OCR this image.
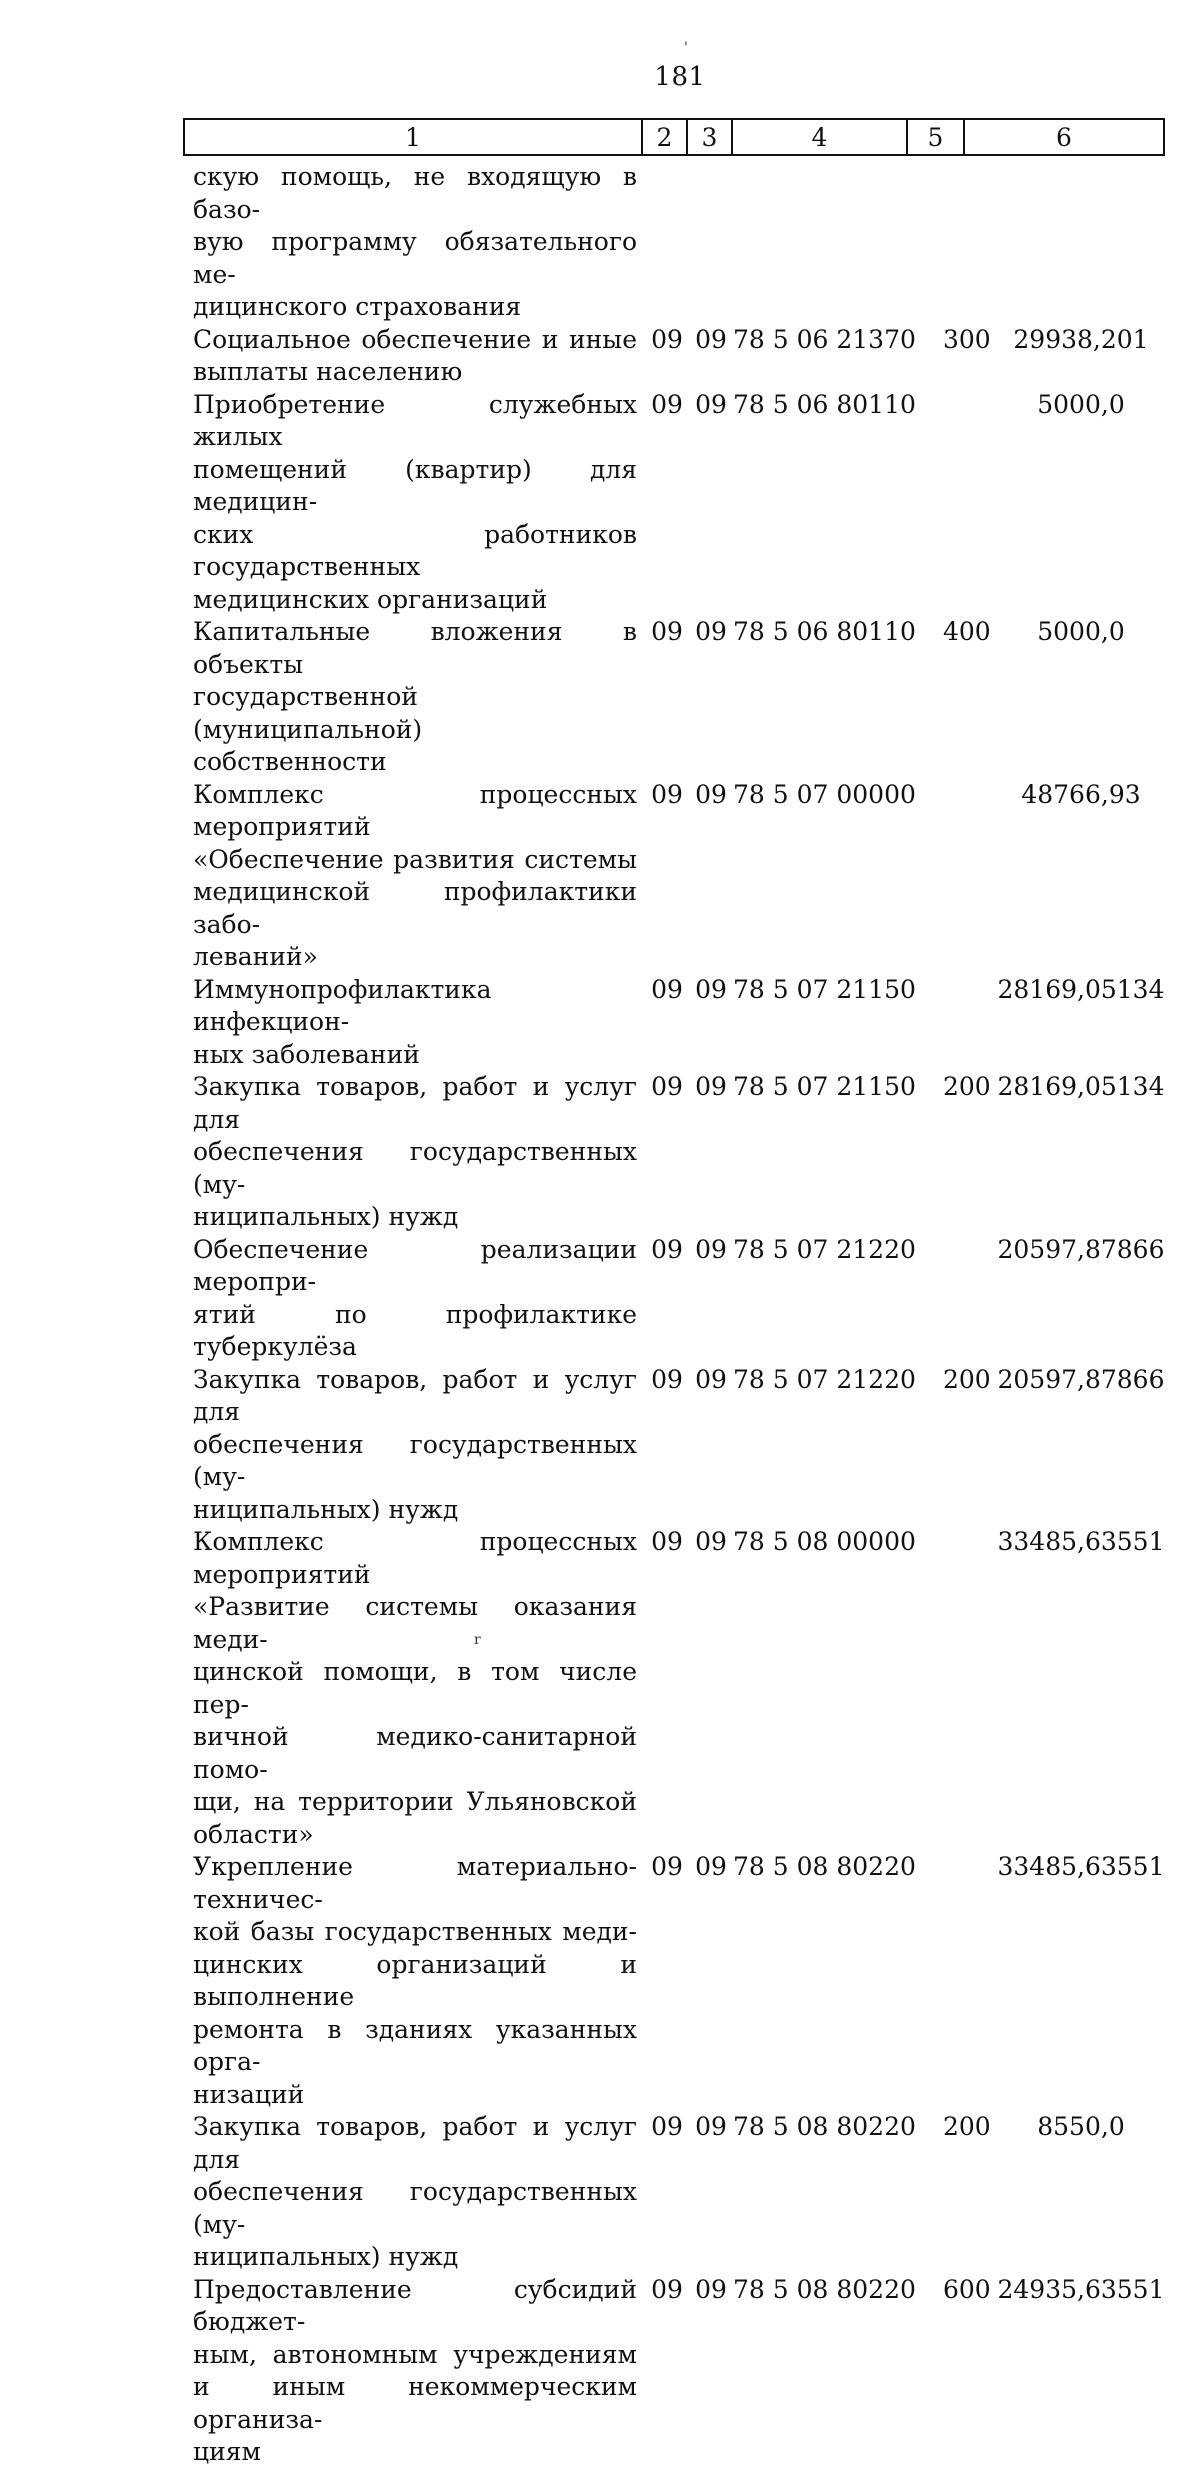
181
1	2	3	4	5	6
скую помощь, не входящую в базо-
вую программу обязательного ме-
дицинского страхования
Социальное обеспечение и иные
выплаты населению
09 09 78 5 06 21370	300 29938,201
Приобретение служебных жилых
помещений (квартир) для медицин-
ских работников государственных
медицинских организаций
09 09 78 5 06 80110	5000,0
Капитальные вложения в объекты
государственной (муниципальной)
собственности
09 09 78 5 06 80110	400	5000,0
Комплекс процессных мероприятий
«Обеспечение развития системы
медицинской профилактики забо-
леваний»
09 09 78 5 07 00000	48766,93
Иммунопрофилактика инфекцион-
ных заболеваний
09 09 78 5 07 21150	28169,05134
Закупка товаров, работ и услуг для
обеспечения государственных (му-
ниципальных) нужд
09 09 78 5 07 21150	200 28169,05134
Обеспечение реализации меропри-
ятий по профилактике туберкулёза
09 09 78 5 07 21220	20597,87866
Закупка товаров, работ и услуг для
обеспечения государственных (му-
ниципальных) нужд
09 09 78 5 07 21220	200 20597,87866
Комплекс процессных мероприятий
«Развитие системы оказания меди-
цинской помощи, в том числе пер-
вичной медико-санитарной помо-
щи, на территории Ульяновской
области»
09 09 78 5 08 00000	33485,63551
Укрепление материально-техничес-
кой базы государственных меди-
цинских организаций и выполнение
ремонта в зданиях указанных орга-
низаций
09 09 78 5 08 80220	33485,63551
Закупка товаров, работ и услуг для
обеспечения государственных (му-
ниципальных) нужд
09 09 78 5 08 80220	200	8550,0
Предоставление субсидий бюджет-
ным, автономным учреждениям
и иным некоммерческим организа-
циям
09 09 78 5 08 80220	600 24935,63551
'
r
